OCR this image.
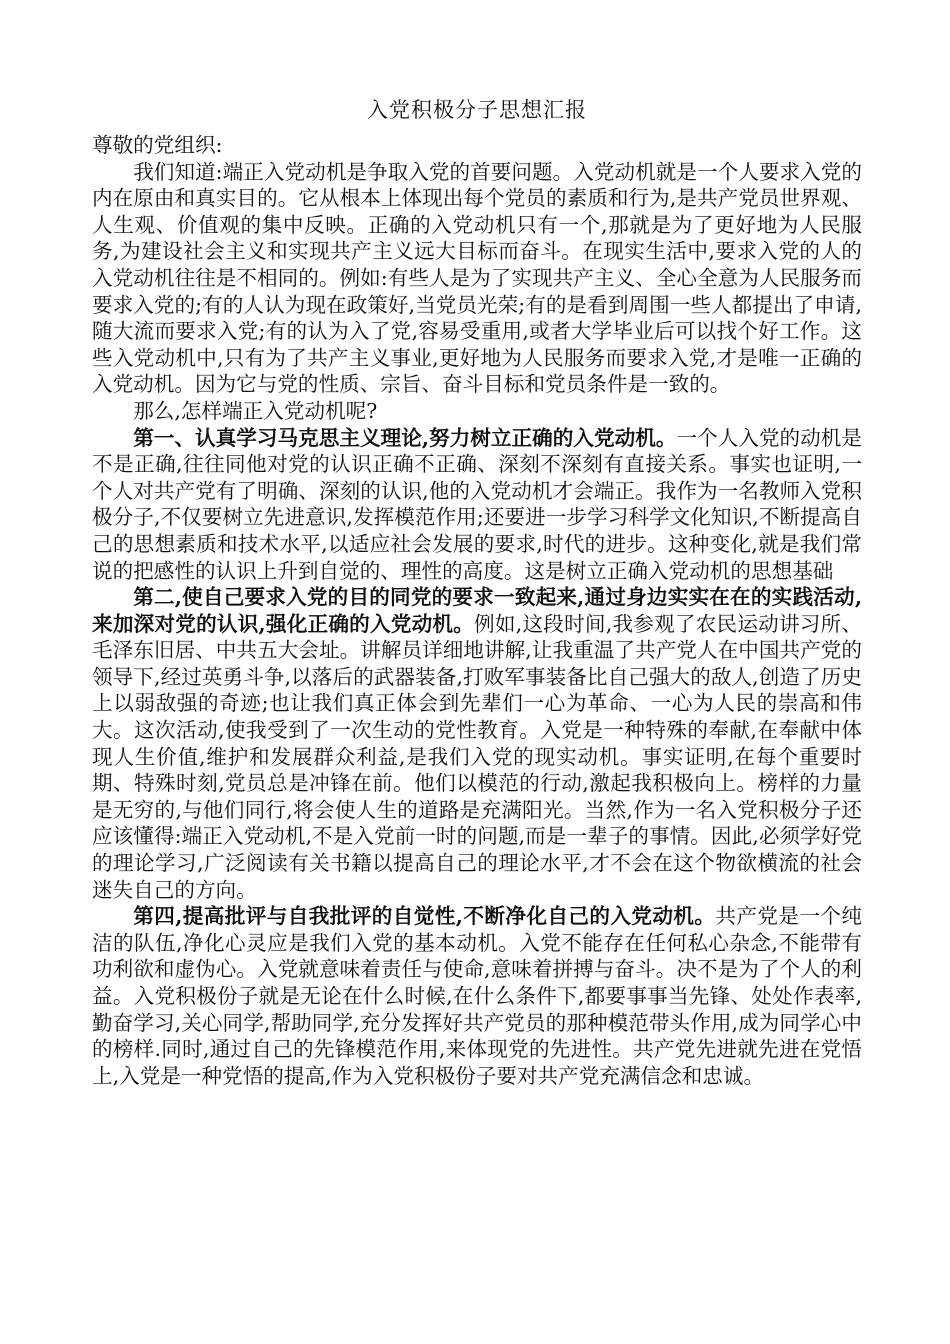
入党积极分子思想汇报
尊敬的党组织:

我们知道:端正入党动机是争取入党的首要问题。入党动机就是一个人要求入党的内在原由和真实目的。它从根本上体现出每个党员的素质和行为,是共产党员世界观、人生观、价值观的集中反映。正确的入党动机只有一个,那就是为了更好地为人民服务,为建设社会主义和实现共产主义远大目标而奋斗。在现实生活中,要求入党的人的入党动机往往是不相同的。例如:有些人是为了实现共产主义、全心全意为人民服务而要求入党的;有的人认为现在政策好,当党员光荣;有的是看到周围一些人都提出了申请,随大流而要求入党;有的认为入了党,容易受重用,或者大学毕业后可以找个好工作。这些入党动机中,只有为了共产主义事业,更好地为人民服务而要求入党,才是唯一正确的入党动机。因为它与党的性质、宗旨、奋斗目标和党员条件是一致的。

那么,怎样端正入党动机呢?

第一、认真学习马克思主义理论,努力树立正确的入党动机。一个人入党的动机是不是正确,往往同他对党的认识正确不正确、深刻不深刻有直接关系。事实也证明,一个人对共产党有了明确、深刻的认识,他的入党动机才会端正。我作为一名教师入党积极分子,不仅要树立先进意识,发挥模范作用;还要进一步学习科学文化知识,不断提高自己的思想素质和技术水平,以适应社会发展的要求,时代的进步。这种变化,就是我们常说的把感性的认识上升到自觉的、理性的高度。这是树立正确入党动机的思想基础

第二,使自己要求入党的目的同党的要求一致起来,通过身边实实在在的实践活动,来加深对党的认识,强化正确的入党动机。例如,这段时间,我参观了农民运动讲习所、毛泽东旧居、中共五大会址。讲解员详细地讲解,让我重温了共产党人在中国共产党的领导下,经过英勇斗争,以落后的武器装备,打败军事装备比自己强大的敌人,创造了历史上以弱敌强的奇迹;也让我们真正体会到先辈们一心为革命、一心为人民的崇高和伟大。这次活动,使我受到了一次生动的党性教育。入党是一种特殊的奉献,在奉献中体现人生价值,维护和发展群众利益,是我们入党的现实动机。事实证明,在每个重要时期、特殊时刻,党员总是冲锋在前。他们以模范的行动,激起我积极向上。榜样的力量是无穷的,与他们同行,将会使人生的道路是充满阳光。当然,作为一名入党积极分子还应该懂得:端正入党动机,不是入党前一时的问题,而是一辈子的事情。因此,必须学好党的理论学习,广泛阅读有关书籍以提高自己的理论水平,才不会在这个物欲横流的社会迷失自己的方向。

第四,提高批评与自我批评的自觉性,不断净化自己的入党动机。共产党是一个纯洁的队伍,净化心灵应是我们入党的基本动机。入党不能存在任何私心杂念,不能带有功利欲和虚伪心。入党就意味着责任与使命,意味着拼搏与奋斗。决不是为了个人的利益。入党积极份子就是无论在什么时候,在什么条件下,都要事事当先锋、处处作表率,勤奋学习,关心同学,帮助同学,充分发挥好共产党员的那种模范带头作用,成为同学心中的榜样.同时,通过自己的先锋模范作用,来体现党的先进性。共产党先进就先进在党悟上,入党是一种党悟的提高,作为入党积极份子要对共产党充满信念和忠诚。
